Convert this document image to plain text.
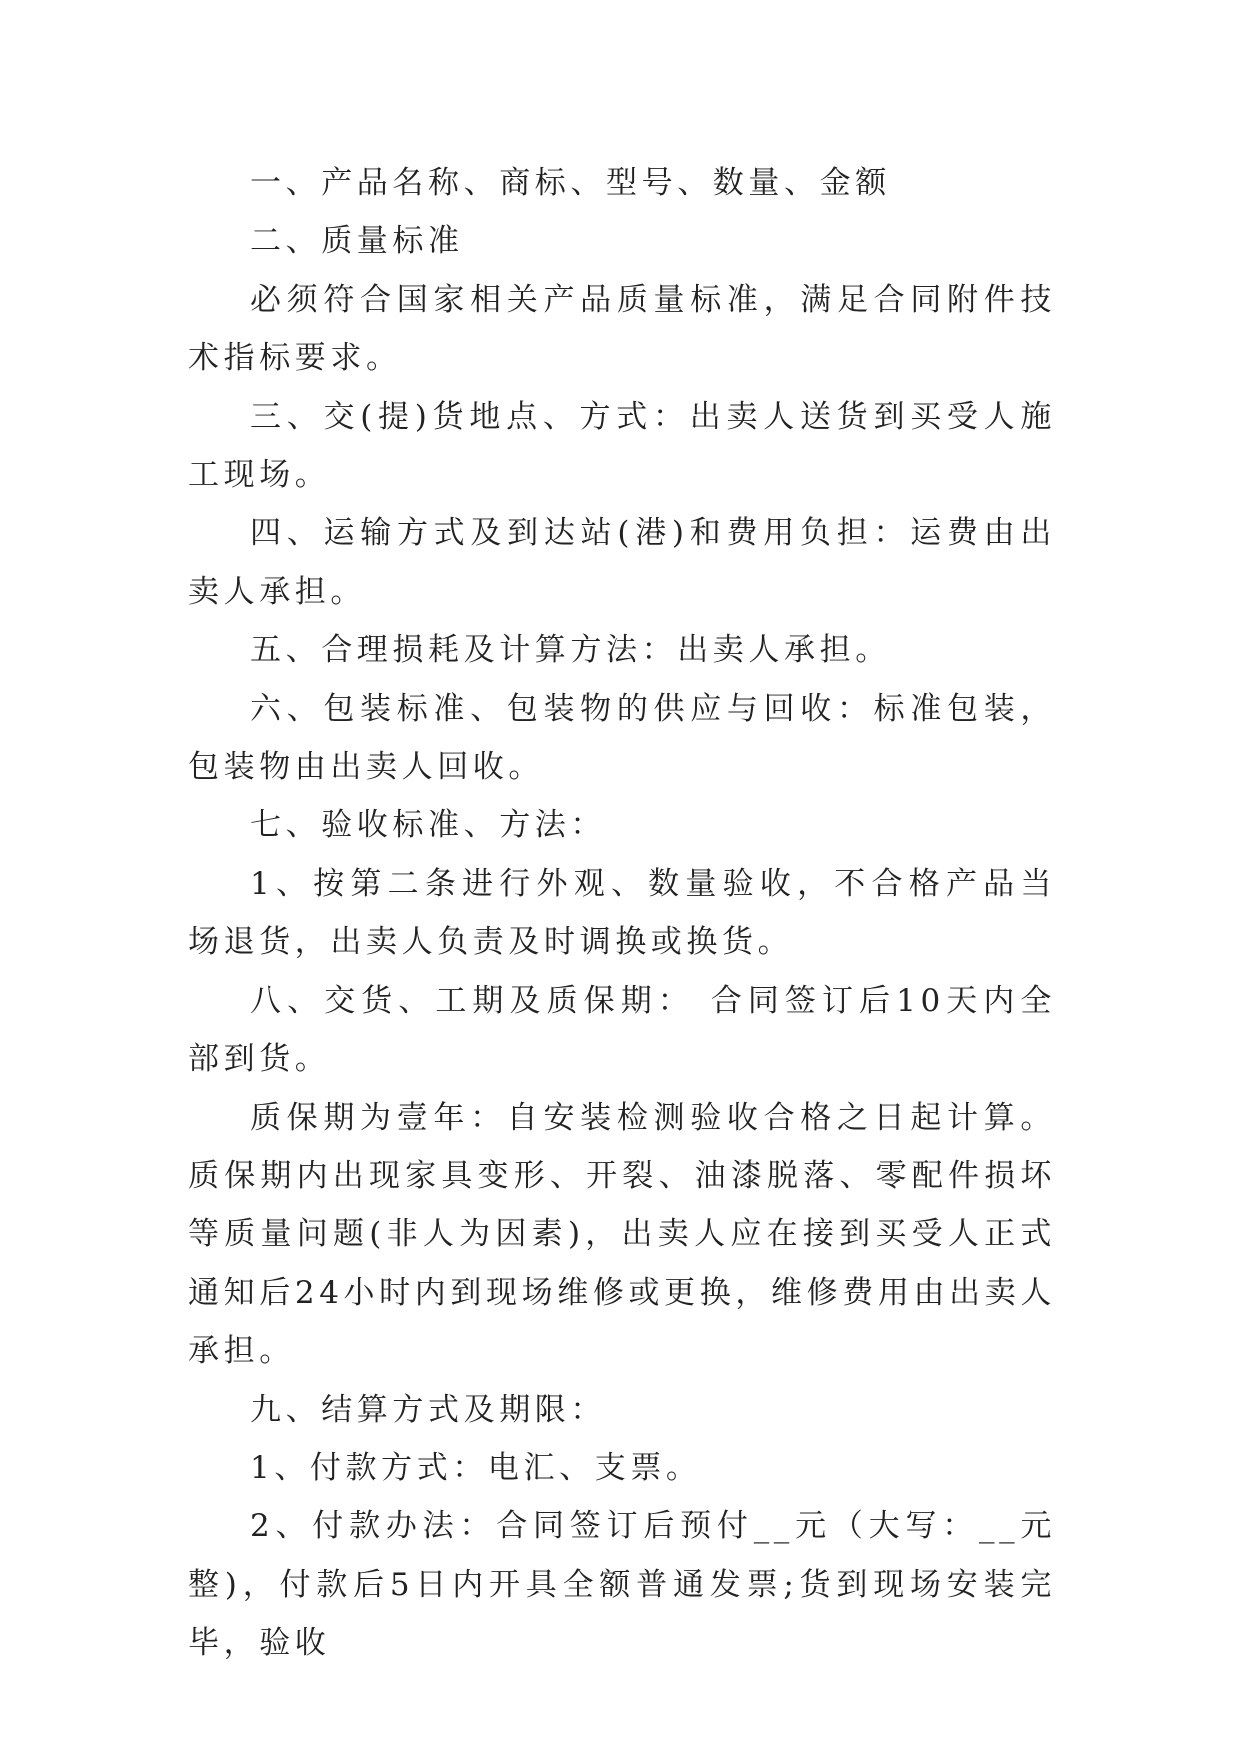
一、产品名称、商标、型号、数量、金额

二、质量标准

必须符合国家相关产品质量标准，满足合同附件技术指标要求。

三、交(提)货地点、方式：出卖人送货到买受人施工现场。

四、运输方式及到达站(港)和费用负担：运费由出卖人承担。

五、合理损耗及计算方法：出卖人承担。

六、包装标准、包装物的供应与回收：标准包装，包装物由出卖人回收。

七、验收标准、方法：

1、按第二条进行外观、数量验收，不合格产品当场退货，出卖人负责及时调换或换货。

八、交货、工期及质保期： 合同签订后10天内全部到货。

质保期为壹年：自安装检测验收合格之日起计算。质保期内出现家具变形、开裂、油漆脱落、零配件损坏等质量问题(非人为因素)，出卖人应在接到买受人正式通知后24小时内到现场维修或更换，维修费用由出卖人承担。

九、结算方式及期限：

1、付款方式：电汇、支票。

2、付款办法：合同签订后预付__元（大写：__元整)，付款后5日内开具全额普通发票;货到现场安装完毕，验收
